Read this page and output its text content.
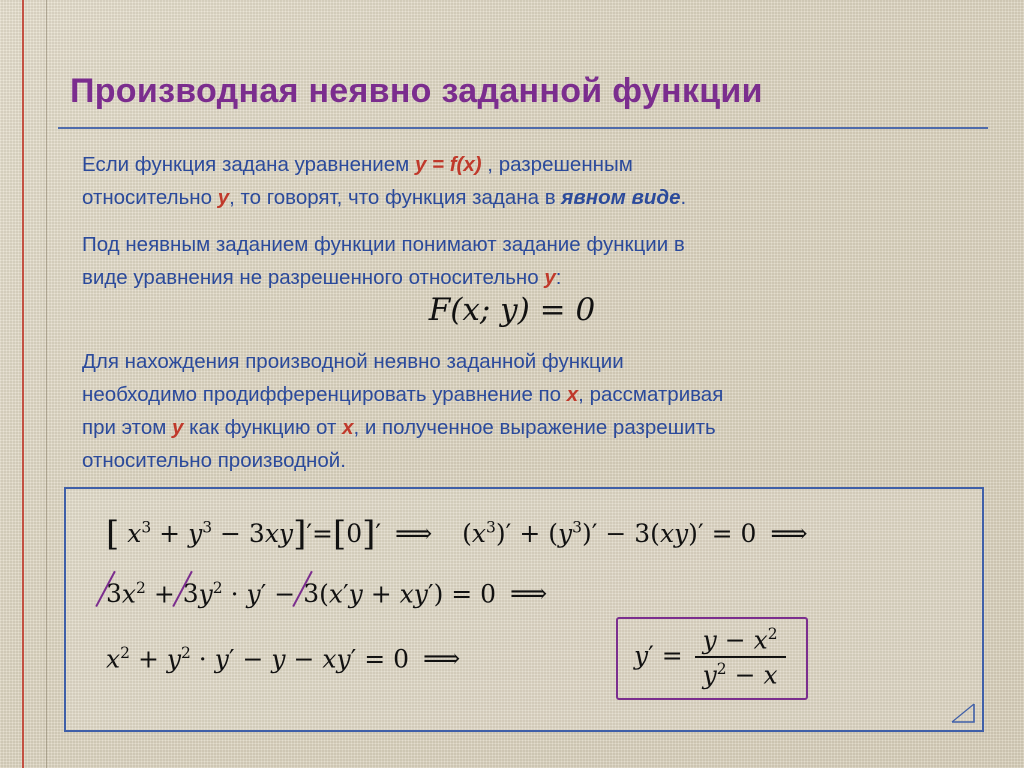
Производная неявно заданной функции
Если функция задана уравнением y = f(x) , разрешенным
относительно y, то говорят, что функция задана в явном виде.
Под неявным заданием функции понимают задание функции в
виде уравнения не разрешенного относительно y:
F(x; y) = 0
Для нахождения производной неявно заданной функции
необходимо продифференцировать уравнение по x, рассматривая
при этом y как функцию от x, и полученное выражение разрешить
относительно производной.
[ $x^3 + y^3 - 3xy]'=[0]'$ ⟹   $(x^3)' + (y^3)' - 3(xy)' = 0$ ⟹
$3x^2 + 3y^2 \cdot y' - 3(x'y + xy') = 0$ ⟹
$x^2 + y^2 \cdot y' - y - xy' = 0$ ⟹	$y' = \frac{y - x^2}{y^2 - x}$
